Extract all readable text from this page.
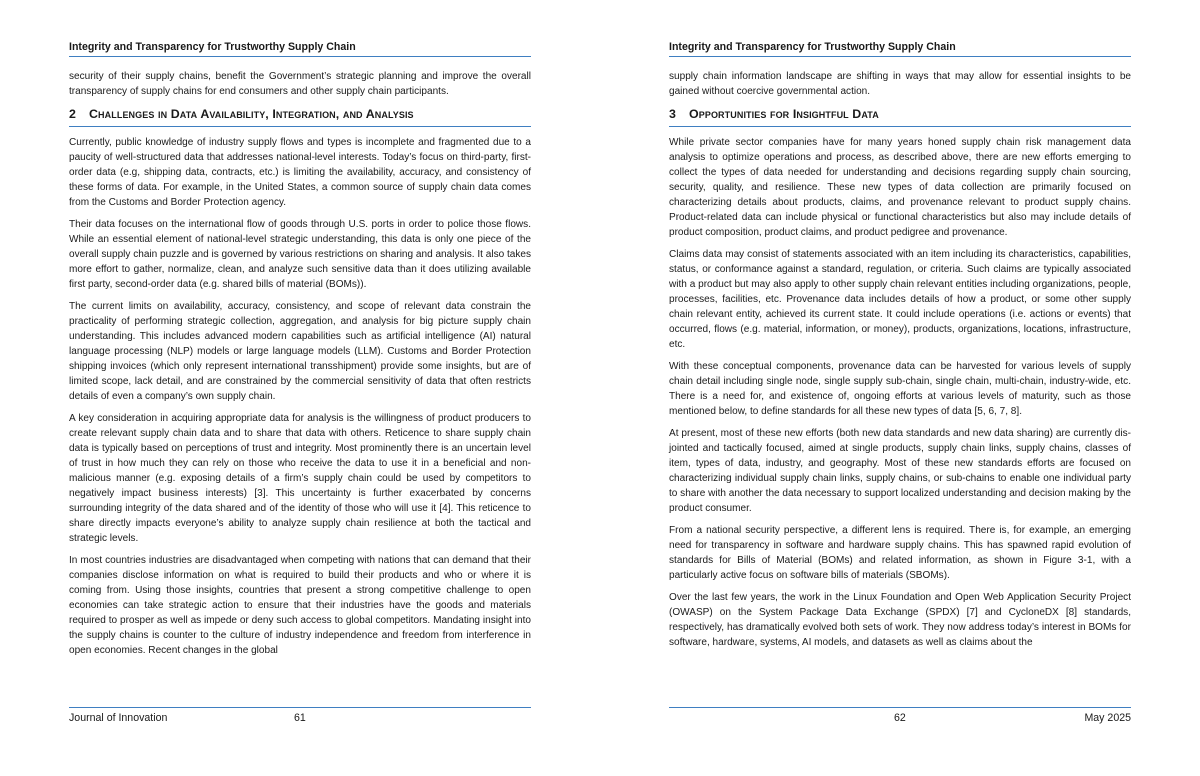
Integrity and Transparency for Trustworthy Supply Chain

security of their supply chains, benefit the Government’s strategic planning and improve the overall transparency of supply chains for end consumers and other supply chain participants.

2 Challenges in Data Availability, Integration, and Analysis

Currently, public knowledge of industry supply flows and types is incomplete and fragmented due to a paucity of well-structured data that addresses national-level interests. Today’s focus on third-party, first-order data (e.g, shipping data, contracts, etc.) is limiting the availability, accuracy, and consistency of these forms of data. For example, in the United States, a common source of supply chain data comes from the Customs and Border Protection agency.

Their data focuses on the international flow of goods through U.S. ports in order to police those flows. While an essential element of national-level strategic understanding, this data is only one piece of the overall supply chain puzzle and is governed by various restrictions on sharing and analysis. It also takes more effort to gather, normalize, clean, and analyze such sensitive data than it does utilizing available first party, second-order data (e.g. shared bills of material (BOMs)).

The current limits on availability, accuracy, consistency, and scope of relevant data constrain the practicality of performing strategic collection, aggregation, and analysis for big picture supply chain understanding. This includes advanced modern capabilities such as artificial intelligence (AI) natural language processing (NLP) models or large language models (LLM). Customs and Border Protection shipping invoices (which only represent international transshipment) provide some insights, but are of limited scope, lack detail, and are constrained by the commercial sensitivity of data that often restricts details of even a company’s own supply chain.

A key consideration in acquiring appropriate data for analysis is the willingness of product producers to create relevant supply chain data and to share that data with others. Reticence to share supply chain data is typically based on perceptions of trust and integrity. Most prominently there is an uncertain level of trust in how much they can rely on those who receive the data to use it in a beneficial and non-malicious manner (e.g. exposing details of a firm’s supply chain could be used by competitors to negatively impact business interests) [3]. This uncertainty is further exacerbated by concerns surrounding integrity of the data shared and of the identity of those who will use it [4]. This reticence to share directly impacts everyone’s ability to analyze supply chain resilience at both the tactical and strategic levels.

In most countries industries are disadvantaged when competing with nations that can demand that their companies disclose information on what is required to build their products and who or where it is coming from. Using those insights, countries that present a strong competitive challenge to open economies can take strategic action to ensure that their industries have the goods and materials required to prosper as well as impede or deny such access to global competitors. Mandating insight into the supply chains is counter to the culture of industry independence and freedom from interference in open economies. Recent changes in the global

Journal of Innovation	61
Integrity and Transparency for Trustworthy Supply Chain

supply chain information landscape are shifting in ways that may allow for essential insights to be gained without coercive governmental action.

3 Opportunities for Insightful Data

While private sector companies have for many years honed supply chain risk management data analysis to optimize operations and process, as described above, there are new efforts emerging to collect the types of data needed for understanding and decisions regarding supply chain sourcing, security, quality, and resilience. These new types of data collection are primarily focused on characterizing details about products, claims, and provenance relevant to product supply chains. Product-related data can include physical or functional characteristics but also may include details of product composition, product claims, and product pedigree and provenance.

Claims data may consist of statements associated with an item including its characteristics, capabilities, status, or conformance against a standard, regulation, or criteria. Such claims are typically associated with a product but may also apply to other supply chain relevant entities including organizations, people, processes, facilities, etc. Provenance data includes details of how a product, or some other supply chain relevant entity, achieved its current state. It could include operations (i.e. actions or events) that occurred, flows (e.g. material, information, or money), products, organizations, locations, infrastructure, etc.

With these conceptual components, provenance data can be harvested for various levels of supply chain detail including single node, single supply sub-chain, single chain, multi-chain, industry-wide, etc. There is a need for, and existence of, ongoing efforts at various levels of maturity, such as those mentioned below, to define standards for all these new types of data [5, 6, 7, 8].

At present, most of these new efforts (both new data standards and new data sharing) are currently dis-jointed and tactically focused, aimed at single products, supply chain links, supply chains, classes of item, types of data, industry, and geography. Most of these new standards efforts are focused on characterizing individual supply chain links, supply chains, or sub-chains to enable one individual party to share with another the data necessary to support localized understanding and decision making by the product consumer.

From a national security perspective, a different lens is required. There is, for example, an emerging need for transparency in software and hardware supply chains. This has spawned rapid evolution of standards for Bills of Material (BOMs) and related information, as shown in Figure 3-1, with a particularly active focus on software bills of materials (SBOMs).

Over the last few years, the work in the Linux Foundation and Open Web Application Security Project (OWASP) on the System Package Data Exchange (SPDX) [7] and CycloneDX [8] standards, respectively, has dramatically evolved both sets of work. They now address today’s interest in BOMs for software, hardware, systems, AI models, and datasets as well as claims about the

62	May 2025
